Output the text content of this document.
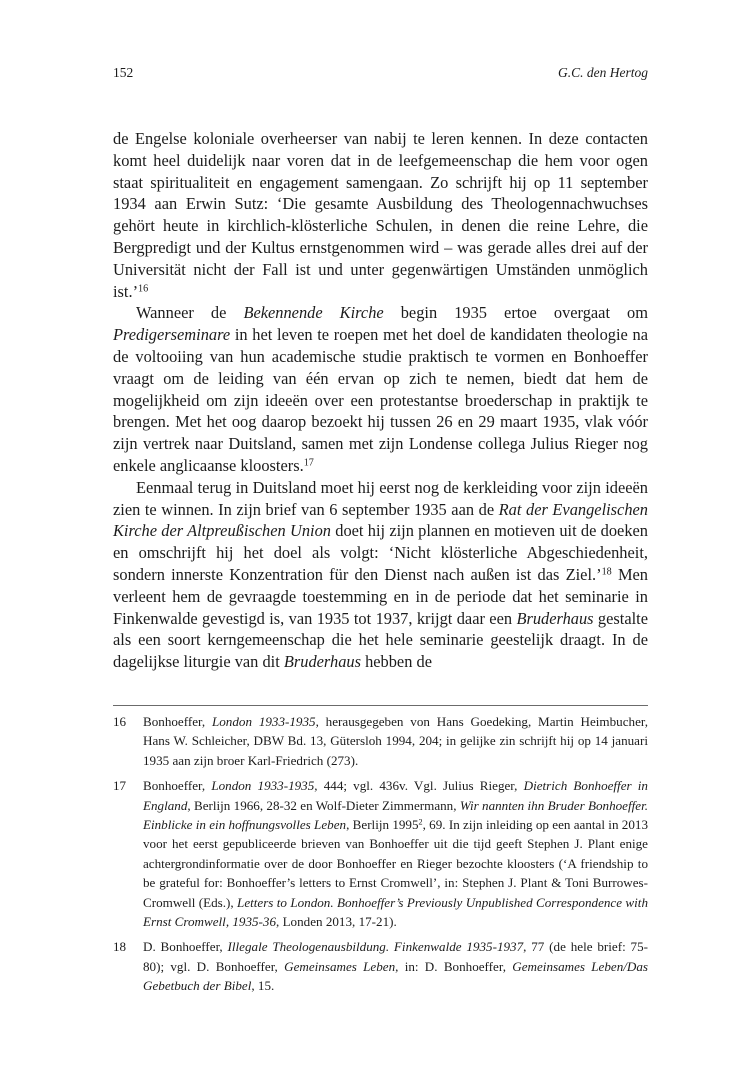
152	G.C. den Hertog

de Engelse koloniale overheerser van nabij te leren kennen. In deze contacten komt heel duidelijk naar voren dat in de leefgemeenschap die hem voor ogen staat spiritualiteit en engagement samengaan. Zo schrijft hij op 11 september 1934 aan Erwin Sutz: ‘Die gesamte Ausbildung des Theologennachwuchses gehört heute in kirchlich-klösterliche Schulen, in denen die reine Lehre, die Bergpredigt und der Kultus ernstgenommen wird – was gerade alles drei auf der Universität nicht der Fall ist und unter gegenwärtigen Umständen unmöglich ist.’$^{16}$

Wanneer de Bekennende Kirche begin 1935 ertoe overgaat om Predigerseminare in het leven te roepen met het doel de kandidaten theologie na de voltooiing van hun academische studie praktisch te vormen en Bonhoeffer vraagt om de leiding van één ervan op zich te nemen, biedt dat hem de mogelijkheid om zijn ideeën over een protestantse broederschap in praktijk te brengen. Met het oog daarop bezoekt hij tussen 26 en 29 maart 1935, vlak vóór zijn vertrek naar Duitsland, samen met zijn Londense collega Julius Rieger nog enkele anglicaanse kloosters.$^{17}$

Eenmaal terug in Duitsland moet hij eerst nog de kerkleiding voor zijn ideeën zien te winnen. In zijn brief van 6 september 1935 aan de Rat der Evangelischen Kirche der Altpreußischen Union doet hij zijn plannen en motieven uit de doeken en omschrijft hij het doel als volgt: ‘Nicht klösterliche Abgeschiedenheit, sondern innerste Konzentration für den Dienst nach außen ist das Ziel.’$^{18}$ Men verleent hem de gevraagde toestemming en in de periode dat het seminarie in Finkenwalde gevestigd is, van 1935 tot 1937, krijgt daar een Bruderhaus gestalte als een soort kerngemeenschap die het hele seminarie geestelijk draagt. In de dagelijkse liturgie van dit Bruderhaus hebben de

16 Bonhoeffer, London 1933-1935, herausgegeben von Hans Goedeking, Martin Heimbucher, Hans W. Schleicher, DBW Bd. 13, Gütersloh 1994, 204; in gelijke zin schrijft hij op 14 januari 1935 aan zijn broer Karl-Friedrich (273).

17 Bonhoeffer, London 1933-1935, 444; vgl. 436v. Vgl. Julius Rieger, Dietrich Bonhoeffer in England, Berlijn 1966, 28-32 en Wolf-Dieter Zimmermann, Wir nannten ihn Bruder Bonhoeffer. Einblicke in ein hoffnungsvolles Leben, Berlijn 1995$^2$, 69. In zijn inleiding op een aantal in 2013 voor het eerst gepubliceerde brieven van Bonhoeffer uit die tijd geeft Stephen J. Plant enige achtergrondinformatie over de door Bonhoeffer en Rieger bezochte kloosters (‘A friendship to be grateful for: Bonhoeffer’s letters to Ernst Cromwell’, in: Stephen J. Plant & Toni Burrowes-Cromwell (Eds.), Letters to London. Bonhoeffer’s Previously Unpublished Correspondence with Ernst Cromwell, 1935-36, Londen 2013, 17-21).

18 D. Bonhoeffer, Illegale Theologenausbildung. Finkenwalde 1935-1937, 77 (de hele brief: 75-80); vgl. D. Bonhoeffer, Gemeinsames Leben, in: D. Bonhoeffer, Gemeinsames Leben/Das Gebetbuch der Bibel, 15.
